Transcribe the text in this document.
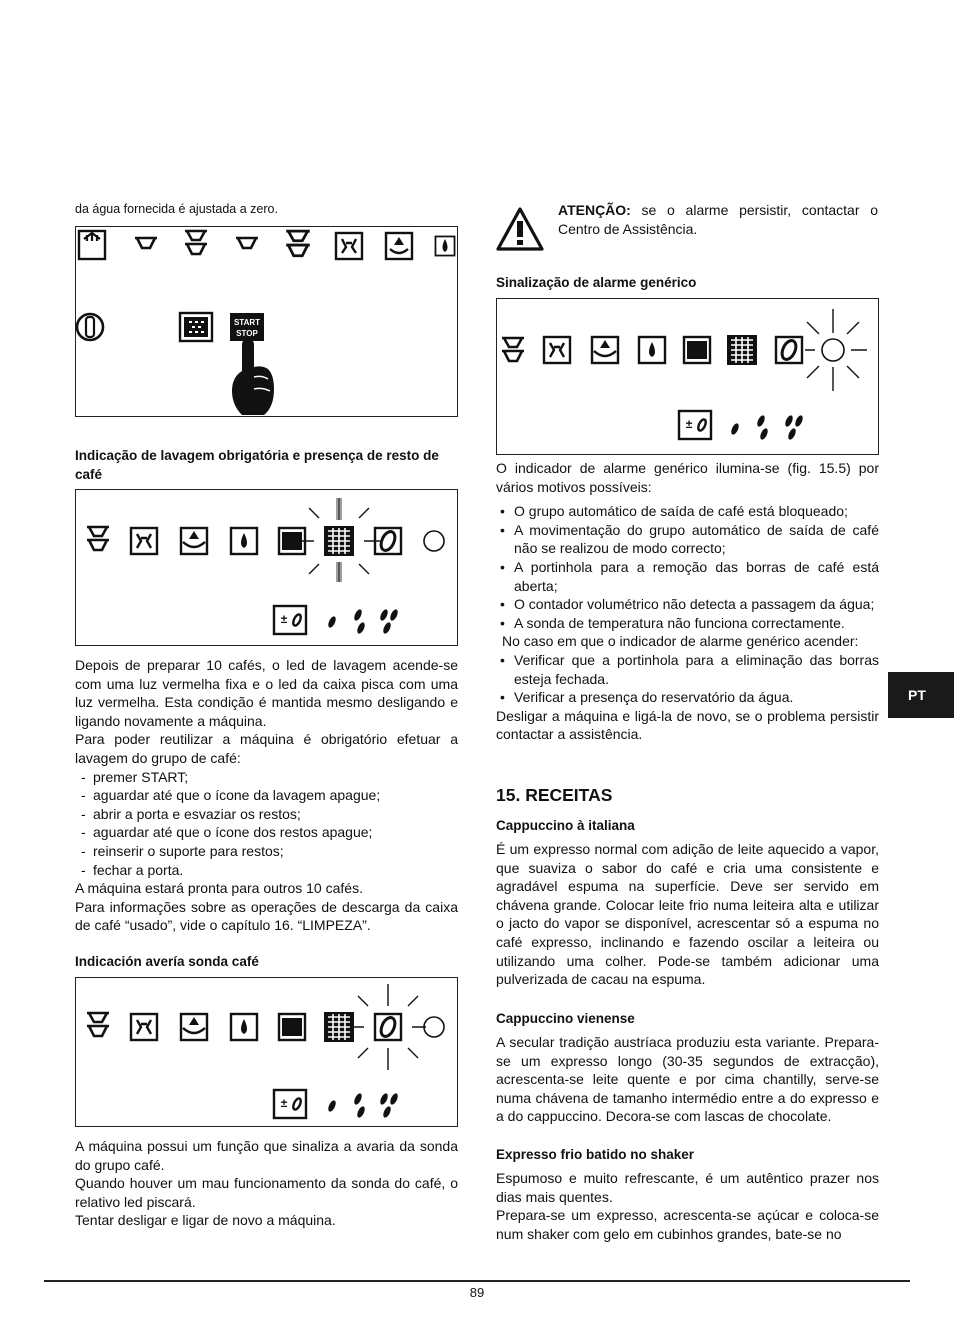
da água fornecida é ajustada a zero.

START
STOP

Indicação de lavagem obrigatória e presença de resto de café

±

Depois de preparar 10 cafés, o led de lavagem acende-se com uma luz vermelha fixa e o led da caixa pisca com uma luz vermelha. Esta condição é mantida mesmo desligando e ligando novamente a máquina.

Para poder reutilizar a máquina é obrigatório efetuar a lavagem do grupo de café:

- premer START;
- aguardar até que o ícone da lavagem apague;
- abrir a porta e esvaziar os restos;
- aguardar até que o ícone dos restos apague;
- reinserir o suporte para restos;
- fechar a porta.

A máquina estará pronta para outros 10 cafés.

Para informações sobre as operações de descarga da caixa de café “usado”, vide o capítulo 16. “LIMPEZA”.

Indicación avería sonda café

±

A máquina possui um função que sinaliza a avaria da sonda do grupo café.

Quando houver um mau funcionamento da sonda do café, o relativo led piscará.

Tentar desligar e ligar de novo a máquina.

ATENÇÃO: se o alarme persistir, contactar o Centro de Assistência.

Sinalização de alarme genérico

±

O indicador de alarme genérico ilumina-se (fig. 15.5) por vários motivos possíveis:

• O grupo automático de saída de café está bloqueado;
• A movimentação do grupo automático de saída de café não se realizou de modo correcto;
• A portinhola para a remoção das borras de café está aberta;
• O contador volumétrico não detecta a passagem da água;
• A sonda de temperatura não funciona correctamente.

No caso em que o indicador de alarme genérico acender:

• Verificar que a portinhola para a eliminação das borras esteja fechada.
• Verificar a presença do reservatório da água.

Desligar a máquina e ligá-la de novo, se o problema persistir contactar a assistência.

15. RECEITAS

Cappuccino à italiana

É um expresso normal com adição de leite aquecido a vapor, que suaviza o sabor do café e cria uma consistente e agradável espuma na superfície. Deve ser servido em chávena grande. Colocar leite frio numa leiteira alta e utilizar o jacto do vapor se disponível, acrescentar só a espuma no café expresso, inclinando e fazendo oscilar a leiteira ou utilizando uma colher. Pode-se também adicionar uma pulverizada de cacau na espuma.

Cappuccino vienense

A secular tradição austríaca produziu esta variante. Prepara-se um expresso longo (30-35 segundos de extracção), acrescenta-se leite quente e por cima chantilly, serve-se numa chávena de tamanho intermédio entre a do expresso e a do cappuccino. Decora-se com lascas de chocolate.

Expresso frio batido no shaker

Espumoso e muito refrescante, é um autêntico prazer nos dias mais quentes.

Prepara-se um expresso, acrescenta-se açúcar e coloca-se num shaker com gelo em cubinhos grandes, bate-se no

PT
89
